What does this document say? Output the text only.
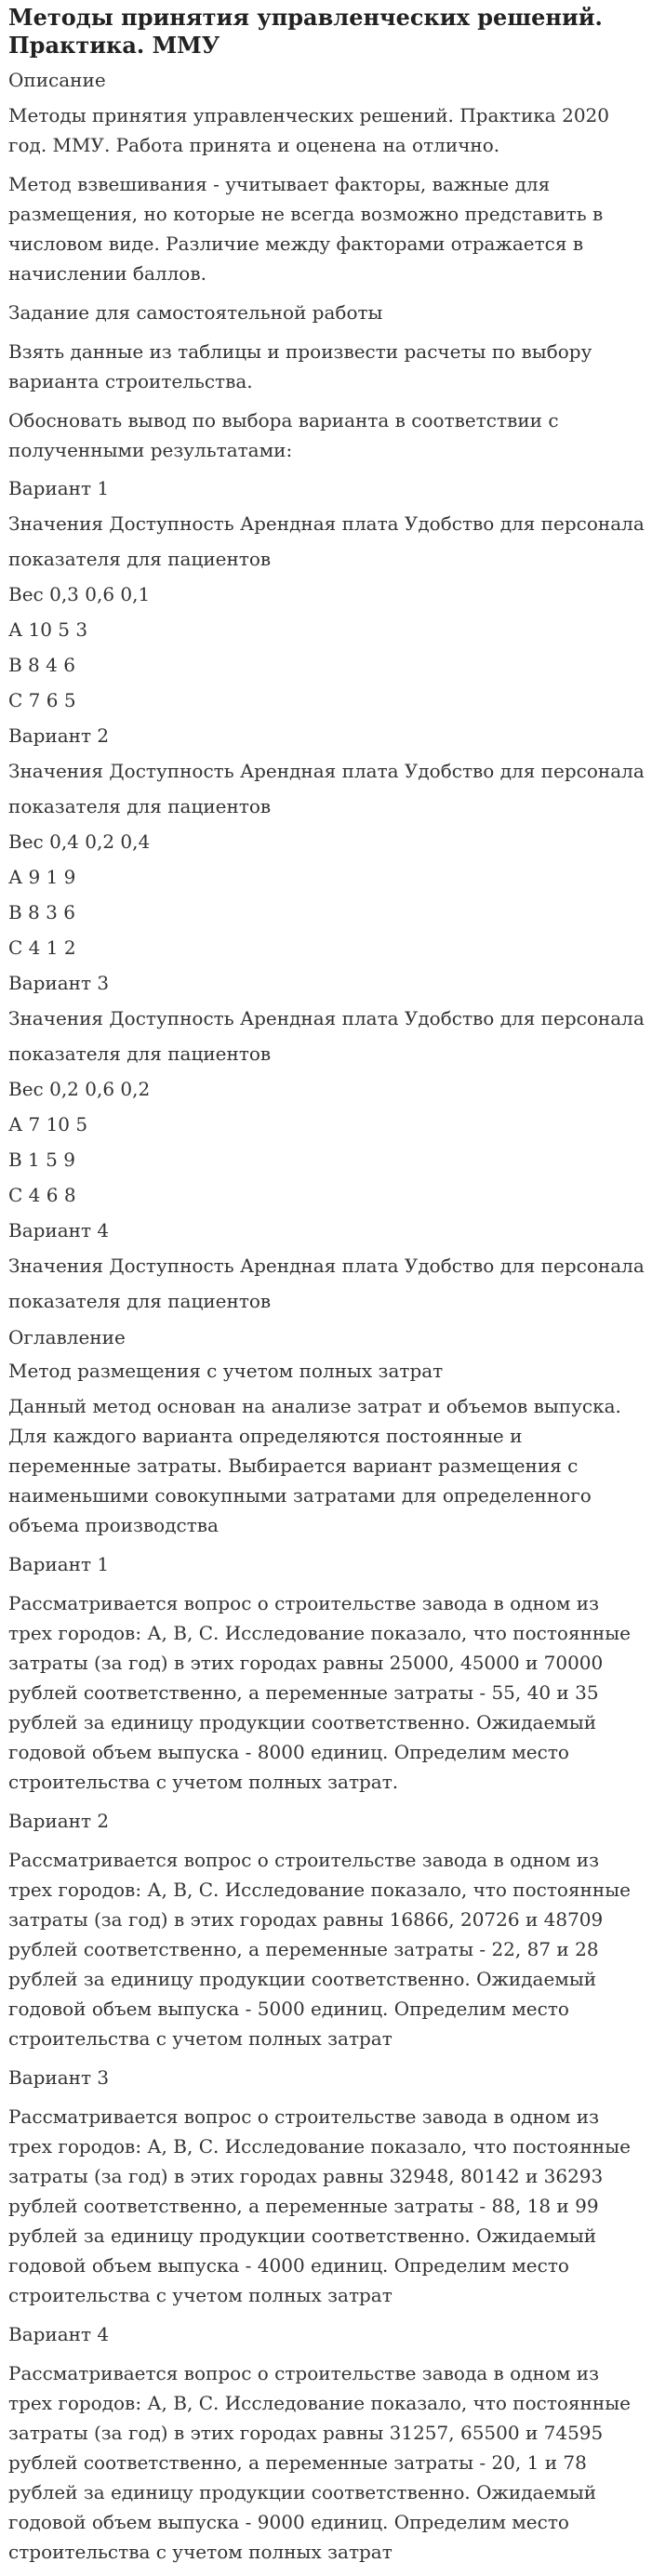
Методы принятия управленческих решений. Практика. ММУ
Описание

Методы принятия управленческих решений. Практика 2020 год. ММУ. Работа принята и оценена на отлично.

Метод взвешивания - учитывает факторы, важные для размещения, но которые не всегда возможно представить в числовом виде. Различие между факторами отражается в начислении баллов.

Задание для самостоятельной работы

Взять данные из таблицы и произвести расчеты по выбору варианта строительства.

Обосновать вывод по выбора варианта в соответствии с полученными результатами:

Вариант 1
Значения Доступность Арендная плата Удобство для персонала
показателя для пациентов
Вес 0,3 0,6 0,1
А 10 5 3
В 8 4 6
С 7 6 5
Вариант 2
Значения Доступность Арендная плата Удобство для персонала
показателя для пациентов
Вес 0,4 0,2 0,4
А 9 1 9
В 8 3 6
С 4 1 2
Вариант 3
Значения Доступность Арендная плата Удобство для персонала
показателя для пациентов
Вес 0,2 0,6 0,2
А 7 10 5
В 1 5 9
С 4 6 8
Вариант 4
Значения Доступность Арендная плата Удобство для персонала
показателя для пациентов
Оглавление
Метод размещения с учетом полных затрат

Данный метод основан на анализе затрат и объемов выпуска. Для каждого варианта определяются постоянные и переменные затраты. Выбирается вариант размещения с наименьшими совокупными затратами для определенного объема производства

Вариант 1

Рассматривается вопрос о строительстве завода в одном из трех городов: А, В, С. Исследование показало, что постоянные затраты (за год) в этих городах равны 25000, 45000 и 70000 рублей соответственно, а переменные затраты - 55, 40 и 35 рублей за единицу продукции соответственно. Ожидаемый годовой объем выпуска - 8000 единиц. Определим место строительства с учетом полных затрат.

Вариант 2

Рассматривается вопрос о строительстве завода в одном из трех городов: А, В, С. Исследование показало, что постоянные затраты (за год) в этих городах равны 16866, 20726 и 48709 рублей соответственно, а переменные затраты - 22, 87 и 28 рублей за единицу продукции соответственно. Ожидаемый годовой объем выпуска - 5000 единиц. Определим место строительства с учетом полных затрат

Вариант 3

Рассматривается вопрос о строительстве завода в одном из трех городов: А, В, С. Исследование показало, что постоянные затраты (за год) в этих городах равны 32948, 80142 и 36293 рублей соответственно, а переменные затраты - 88, 18 и 99 рублей за единицу продукции соответственно. Ожидаемый годовой объем выпуска - 4000 единиц. Определим место строительства с учетом полных затрат

Вариант 4

Рассматривается вопрос о строительстве завода в одном из трех городов: А, В, С. Исследование показало, что постоянные затраты (за год) в этих городах равны 31257, 65500 и 74595 рублей соответственно, а переменные затраты - 20, 1 и 78 рублей за единицу продукции соответственно. Ожидаемый годовой объем выпуска - 9000 единиц. Определим место строительства с учетом полных затрат
